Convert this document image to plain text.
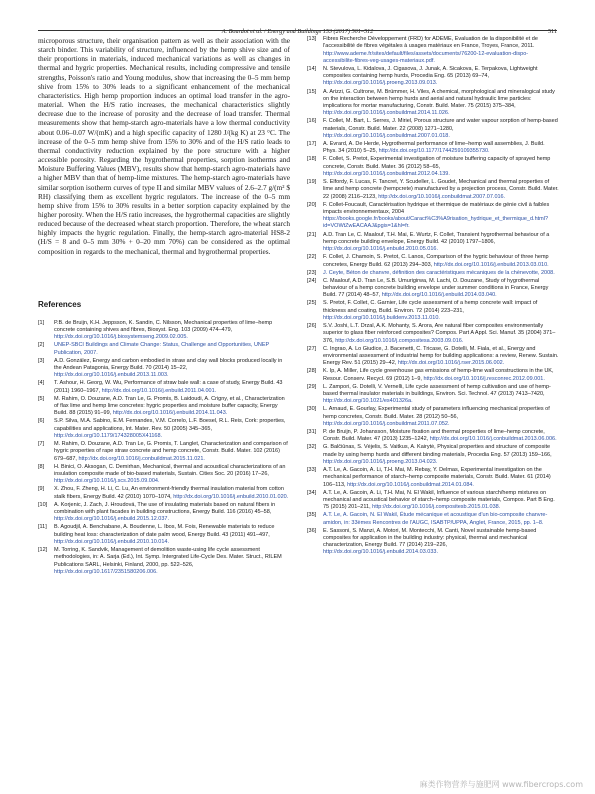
A. Bourdot et al. / Energy and Buildings 153 (2017) 501–512	511

microporous structure, their organisation pattern as well as their association with the starch binder. This variability of structure, influenced by the hemp shive size and of their proportions in materials, induced mechanical variations as well as changes in thermal and hygric properties. Mechanical results, including compressive and tensile strengths, Poisson's ratio and Young modulus, show that increasing the 0–5 mm hemp shive from 15% to 30% leads to a significant enhancement of the mechanical characteristics. High hemp proportion induces an optimal load transfer in the agro-material. When the H/S ratio increases, the mechanical characteristics slightly decrease due to the increase of porosity and the decrease of load transfer. Thermal measurements show that hemp-starch agro-materials have a low thermal conductivity about 0.06–0.07 W/(mK) and a high specific capacity of 1280 J/(kg K) at 23 °C. The increase of the 0–5 mm hemp shive from 15% to 30% and of the H/S ratio leads to thermal conductivity reduction explained by the pore structure with a higher accessible porosity. Regarding the hygrothermal properties, sorption isotherms and Moisture Buffering Values (MBV), results show that hemp-starch agro-materials have a higher MBV than that of hemp-lime mixtures. The hemp-starch agro-materials have similar sorption isotherm curves of type II and similar MBV values of 2.6–2.7 g/(m² $ RH) classifying them as excellent hygric regulators. The increase of the 0–5 mm hemp shive from 15% to 30% results in a better sorption capacity explained by the higher porosity. When the H/S ratio increases, the hygrothermal capacities are slightly reduced because of the decreased wheat starch proportion. Therefore, the wheat starch highly impacts the hygric regulation. Finally, the hemp-starch agro-material HS8-2 (H/S = 8 and 0–5 mm 30% + 0–20 mm 70%) can be considered as the optimal composition in regards to the mechanical, thermal and hygrothermal properties.

References
[1]	P.B. de Bruijn, K.H. Jeppsson, K. Sandin, C. Nilsson, Mechanical properties of lime–hemp concrete containing shives and fibres, Biosyst. Eng. 103 (2009) 474–479, http://dx.doi.org/10.1016/j.biosystemseng.2009.02.005.
[2]	UNEP-SBCI Buildings and Climate Change: Status, Challenge and Opportunities, UNEP Publication, 2007.
[3]	A.D. González, Energy and carbon embodied in straw and clay wall blocks produced locally in the Andean Patagonia, Energy Build. 70 (2014) 15–22, http://dx.doi.org/10.1016/j.enbuild.2013.11.003.
[4]	T. Ashour, H. Georg, W. Wu, Performance of straw bale wall: a case of study, Energy Build. 43 (2011) 1960–1967, http://dx.doi.org/10.1016/j.enbuild.2011.04.001.
[5]	M. Rahim, O. Douzane, A.D. Tran Le, G. Promis, B. Laidoudi, A. Crigny, et al., Characterization of flax lime and hemp lime concretes: hygric properties and moisture buffer capacity, Energy Build. 88 (2015) 91–99, http://dx.doi.org/10.1016/j.enbuild.2014.11.043.
[6]	S.P. Silva, M.A. Sabino, E.M. Fernandes, V.M. Correlo, L.F. Boesel, R.L. Reis, Cork: properties, capabilities and applications, Int. Mater. Rev. 50 (2005) 345–365, http://dx.doi.org/10.1179/174328005X41168.
[7]	M. Rahim, O. Douzane, A.D. Tran Le, G. Promis, T. Langlet, Characterization and comparison of hygric properties of rape straw concrete and hemp concrete, Constr. Build. Mater. 102 (2016) 679–687, http://dx.doi.org/10.1016/j.conbuildmat.2015.11.021.
[8]	H. Binici, O. Aksogan, C. Demirhan, Mechanical, thermal and acoustical characterizations of an insulation composite made of bio-based materials, Sustain. Cities Soc. 20 (2016) 17–26, http://dx.doi.org/10.1016/j.scs.2015.09.004.
[9]	X. Zhou, F. Zheng, H. Li, C. Lu, An environment-friendly thermal insulation material from cotton stalk fibers, Energy Build. 42 (2010) 1070–1074, http://dx.doi.org/10.1016/j.enbuild.2010.01.020.
[10]	A. Korjenic, J. Zach, J. Hroudová, The use of insulating materials based on natural fibers in combination with plant facades in building constructions, Energy Build. 116 (2016) 45–58, http://dx.doi.org/10.1016/j.enbuild.2015.12.037.
[11]	B. Agoudjil, A. Benchabane, A. Boudenne, L. Ibos, M. Fois, Renewable materials to reduce building heat loss: characterization of date palm wood, Energy Build. 43 (2011) 491–497, http://dx.doi.org/10.1016/j.enbuild.2010.10.014.
[12]	M. Torring, K. Sandvik, Management of demolition waste-using life cycle assessment methodologies, in: A. Sarja (Ed.), Int. Symp. Intergrated Life-Cycle Des. Mater. Struct., RILEM Publications SARL, Helsinki, Finland, 2000, pp. 522–526, http://dx.doi.org/10.1617/2351580206.006.
[13]	Fibres Recherche Développement (FRD) for ADEME, Evaluation de la disponibilité et de l'accessibilité de fibres végétales à usages matériaux en France, Troyes, France, 2011. http://www.ademe.fr/sites/default/files/assets/documents/76200-12-evaluation-dispo-accessibilite-fibres-veg-usages-materiaux.pdf.
[14]	N. Stevulova, L. Kidalova, J. Cigasova, J. Junak, A. Sicakova, E. Terpakova, Lightweight composites containing hemp hurds, Procedia Eng. 65 (2013) 69–74, http://dx.doi.org/10.1016/j.proeng.2013.09.013.
[15]	A. Arizzi, G. Cultrone, M. Brümmer, H. Viles, A chemical, morphological and mineralogical study on the interaction between hemp hurds and aerial and natural hydraulic lime particles: implications for mortar manufacturing, Constr. Build. Mater. 75 (2015) 375–384, http://dx.doi.org/10.1016/j.conbuildmat.2014.11.026.
[16]	F. Collet, M. Bart, L. Serres, J. Miriel, Porous structure and water vapour sorption of hemp-based materials, Constr. Build. Mater. 22 (2008) 1271–1280, http://dx.doi.org/10.1016/j.conbuildmat.2007.01.018.
[17]	A. Evrard, A. De Herde, Hygrothermal performance of lime–hemp wall assemblies, J. Build. Phys. 34 (2010) 5–25, http://dx.doi.org/10.1177/1744259109355730.
[18]	F. Collet, S. Pretot, Experimental investigation of moisture buffering capacity of sprayed hemp concrete, Constr. Build. Mater. 36 (2012) 58–65, http://dx.doi.org/10.1016/j.conbuildmat.2012.04.139.
[19]	S. Elfordy, F. Lucas, F. Tancret, Y. Scudeller, L. Goudet, Mechanical and thermal properties of lime and hemp concrete (hempcrete) manufactured by a projection process, Constr. Build. Mater. 22 (2008) 2116–2123, http://dx.doi.org/10.1016/j.conbuildmat.2007.07.016.
[20]	F. Collet-Foucault, Caractérisation hydrique et thermique de matériaux de génie civil à faibles impacts environnementaux, 2004 https://books.google.fr/books/about/Caract%C3%A9risation_hydrique_et_thermique_d.html?id=VOWtZwEACAAJ&pgis=1&hl=fr.
[21]	A.D. Tran Le, C. Maalouf, T.H. Mai, E. Wurtz, F. Collet, Transient hygrothermal behaviour of a hemp concrete building envelope, Energy Build. 42 (2010) 1797–1806, http://dx.doi.org/10.1016/j.enbuild.2010.05.016.
[22]	F. Collet, J. Chamoin, S. Pretot, C. Lanos, Comparison of the hygric behaviour of three hemp concretes, Energy Build. 62 (2013) 294–303, http://dx.doi.org/10.1016/j.enbuild.2013.03.010.
[23]	J. Ceyte, Béton de chanvre, définition des caractéristiques mécaniques de la chènevotte, 2008.
[24]	C. Maalouf, A.D. Tran Le, S.B. Umurigirwa, M. Lachi, O. Douzane, Study of hygrothermal behaviour of a hemp concrete building envelope under summer conditions in France, Energy Build. 77 (2014) 48–57, http://dx.doi.org/10.1016/j.enbuild.2014.03.040.
[25]	S. Pretot, F. Collet, C. Garnier, Life cycle assessment of a hemp concrete wall: impact of thickness and coating, Build. Environ. 72 (2014) 223–231, http://dx.doi.org/10.1016/j.buildenv.2013.11.010.
[26]	S.V. Joshi, L.T. Drzal, A.K. Mohanty, S. Arora, Are natural fiber composites environmentally superior to glass fiber reinforced composites? Compos. Part A Appl. Sci. Manuf. 35 (2004) 371–376, http://dx.doi.org/10.1016/j.compositesa.2003.09.016.
[27]	C. Ingrao, A. Lo Giudice, J. Bacenetti, C. Tricase, G. Dotelli, M. Fiala, et al., Energy and environmental assessment of industrial hemp for building applications: a review, Renew. Sustain. Energy Rev. 51 (2015) 29–42, http://dx.doi.org/10.1016/j.rser.2015.06.002.
[28]	K. Ip, A. Miller, Life cycle greenhouse gas emissions of hemp-lime wall constructions in the UK, Resour. Conserv. Recycl. 69 (2012) 1–9, http://dx.doi.org/10.1016/j.resconrec.2012.09.001.
[29]	L. Zampori, G. Dotelli, V. Vernelli, Life cycle assessment of hemp cultivation and use of hemp-based thermal insulator materials in buildings, Environ. Sci. Technol. 47 (2013) 7413–7420, http://dx.doi.org/10.1021/es401326a.
[30]	L. Arnaud, E. Gourlay, Experimental study of parameters influencing mechanical properties of hemp concretes, Constr. Build. Mater. 28 (2012) 50–56, http://dx.doi.org/10.1016/j.conbuildmat.2011.07.052.
[31]	P. de Bruijn, P. Johansson, Moisture fixation and thermal properties of lime–hemp concrete, Constr. Build. Mater. 47 (2013) 1235–1242, http://dx.doi.org/10.1016/j.conbuildmat.2013.06.006.
[32]	G. Balčiūnas, S. Vėjelis, S. Vaitkus, A. Kairytė, Physical properties and structure of composite made by using hemp hurds and different binding materials, Procedia Eng. 57 (2013) 159–166, http://dx.doi.org/10.1016/j.proeng.2013.04.023.
[33]	A.T. Le, A. Gacoin, A. Li, T.H. Mai, M. Rebay, Y. Delmas, Experimental investigation on the mechanical performance of starch–hemp composite materials, Constr. Build. Mater. 61 (2014) 106–113, http://dx.doi.org/10.1016/j.conbuildmat.2014.01.084.
[34]	A.T. Le, A. Gacoin, A. Li, T.H. Mai, N. El Wakil, Influence of various starch/hemp mixtures on mechanical and acoustical behavior of starch–hemp composite materials, Compos. Part B Eng. 75 (2015) 201–211, http://dx.doi.org/10.1016/j.compositesb.2015.01.038.
[35]	A.T. Le, A. Gacoin, N. El Wakil, Étude mécanique et acoustique d'un bio-composite chanvre-amidon, in: 33èmes Rencontres de l'AUGC, ISABTP/UPPA, Anglet, France, 2015, pp. 1–8.
[36]	E. Sassoni, S. Manzi, A. Motori, M. Montecchi, M. Canti, Novel sustainable hemp-based composites for application in the building industry: physical, thermal and mechanical characterization, Energy Build. 77 (2014) 219–226, http://dx.doi.org/10.1016/j.enbuild.2014.03.033.
麻类作物营养与施肥网 www.fibercrops.com
